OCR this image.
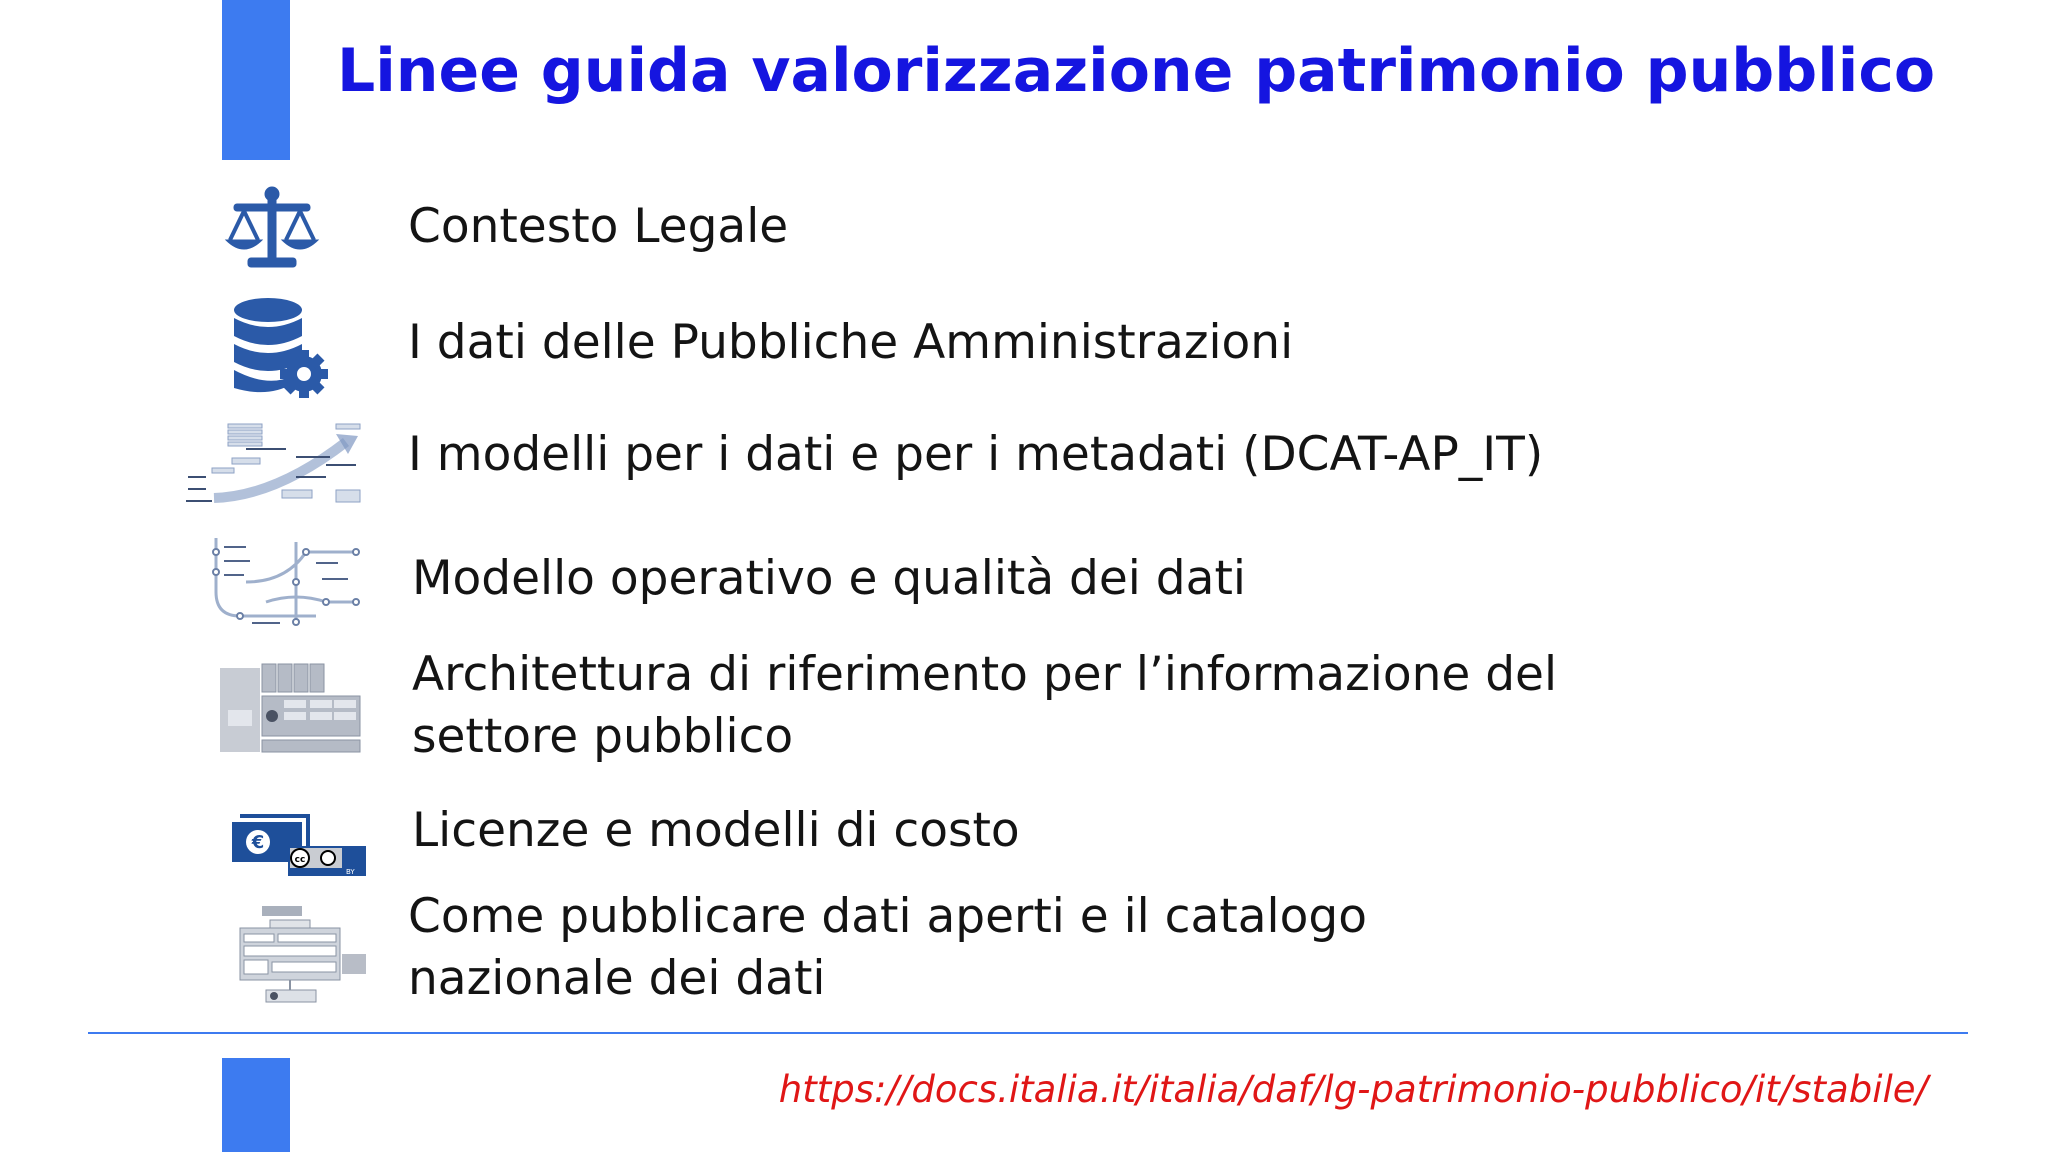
Linee guida valorizzazione patrimonio pubblico
Contesto Legale
I dati delle Pubbliche Amministrazioni
I modelli per i dati e per i metadati (DCAT-AP_IT)
Modello operativo e qualità dei dati
Architettura di riferimento per l’informazione del
settore pubblico
€
cc
BY
Licenze e modelli di costo
Come pubblicare dati aperti e il catalogo
nazionale dei dati
https://docs.italia.it/italia/daf/lg-patrimonio-pubblico/it/stabile/
